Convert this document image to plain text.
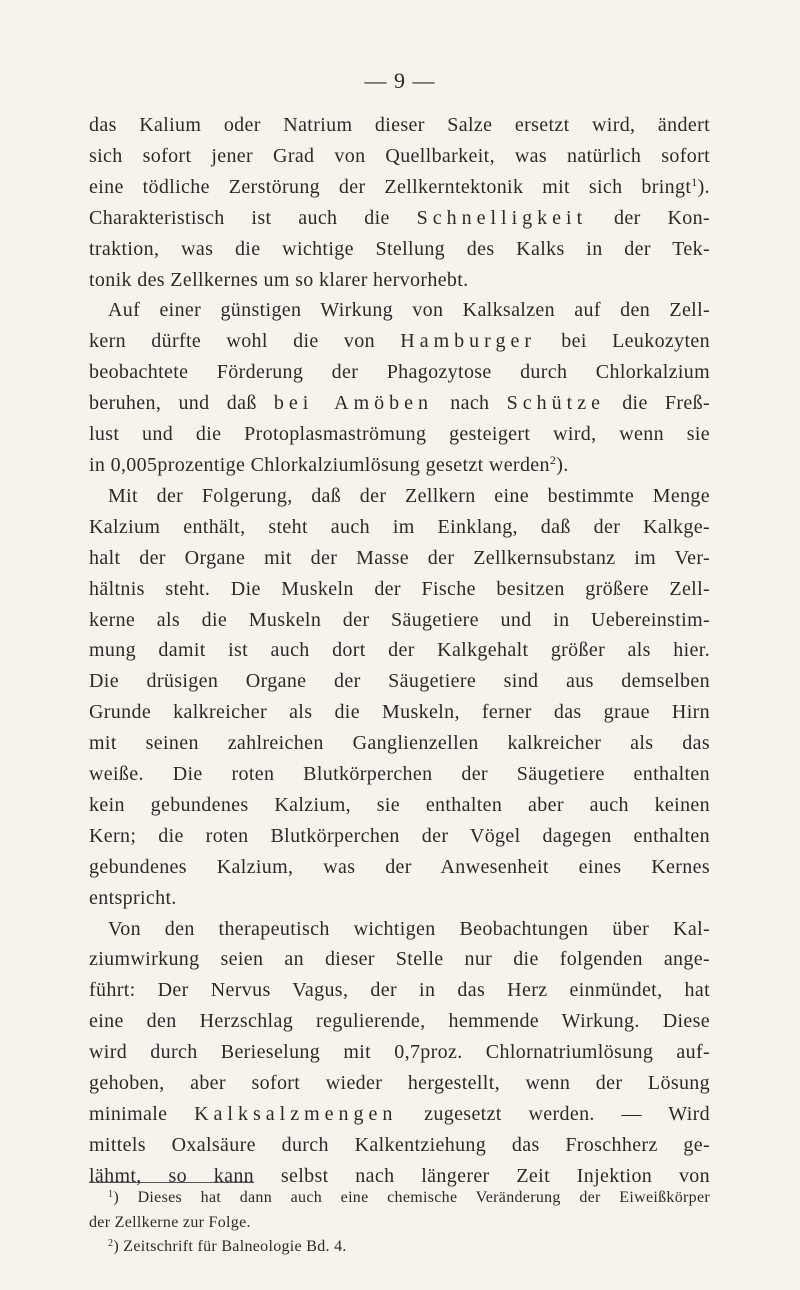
— 9 —
das Kalium oder Natrium dieser Salze ersetzt wird, ändert
sich sofort jener Grad von Quellbarkeit, was natürlich sofort
eine tödliche Zerstörung der Zellkerntektonik mit sich bringt$^1$).
Charakteristisch ist auch die Schnelligkeit der Kon-
traktion, was die wichtige Stellung des Kalks in der Tek-
tonik des Zellkernes um so klarer hervorhebt.
Auf einer günstigen Wirkung von Kalksalzen auf den Zell-
kern dürfte wohl die von Hamburger bei Leukozyten
beobachtete Förderung der Phagozytose durch Chlorkalzium
beruhen, und daß bei Amöben nach Schütze die Freß-
lust und die Protoplasmaströmung gesteigert wird, wenn sie
in 0,005prozentige Chlorkalziumlösung gesetzt werden$^2$).
Mit der Folgerung, daß der Zellkern eine bestimmte Menge
Kalzium enthält, steht auch im Einklang, daß der Kalkge-
halt der Organe mit der Masse der Zellkernsubstanz im Ver-
hältnis steht. Die Muskeln der Fische besitzen größere Zell-
kerne als die Muskeln der Säugetiere und in Uebereinstim-
mung damit ist auch dort der Kalkgehalt größer als hier.
Die drüsigen Organe der Säugetiere sind aus demselben
Grunde kalkreicher als die Muskeln, ferner das graue Hirn
mit seinen zahlreichen Ganglienzellen kalkreicher als das
weiße. Die roten Blutkörperchen der Säugetiere enthalten
kein gebundenes Kalzium, sie enthalten aber auch keinen
Kern; die roten Blutkörperchen der Vögel dagegen enthalten
gebundenes Kalzium, was der Anwesenheit eines Kernes
entspricht.
Von den therapeutisch wichtigen Beobachtungen über Kal-
ziumwirkung seien an dieser Stelle nur die folgenden ange-
führt: Der Nervus Vagus, der in das Herz einmündet, hat
eine den Herzschlag regulierende, hemmende Wirkung. Diese
wird durch Berieselung mit 0,7proz. Chlornatriumlösung auf-
gehoben, aber sofort wieder hergestellt, wenn der Lösung
minimale Kalksalzmengen zugesetzt werden. — Wird
mittels Oxalsäure durch Kalkentziehung das Froschherz ge-
lähmt, so kann selbst nach längerer Zeit Injektion von
$^1$) Dieses hat dann auch eine chemische Veränderung der Eiweißkörper
der Zellkerne zur Folge.
$^2$) Zeitschrift für Balneologie Bd. 4.
